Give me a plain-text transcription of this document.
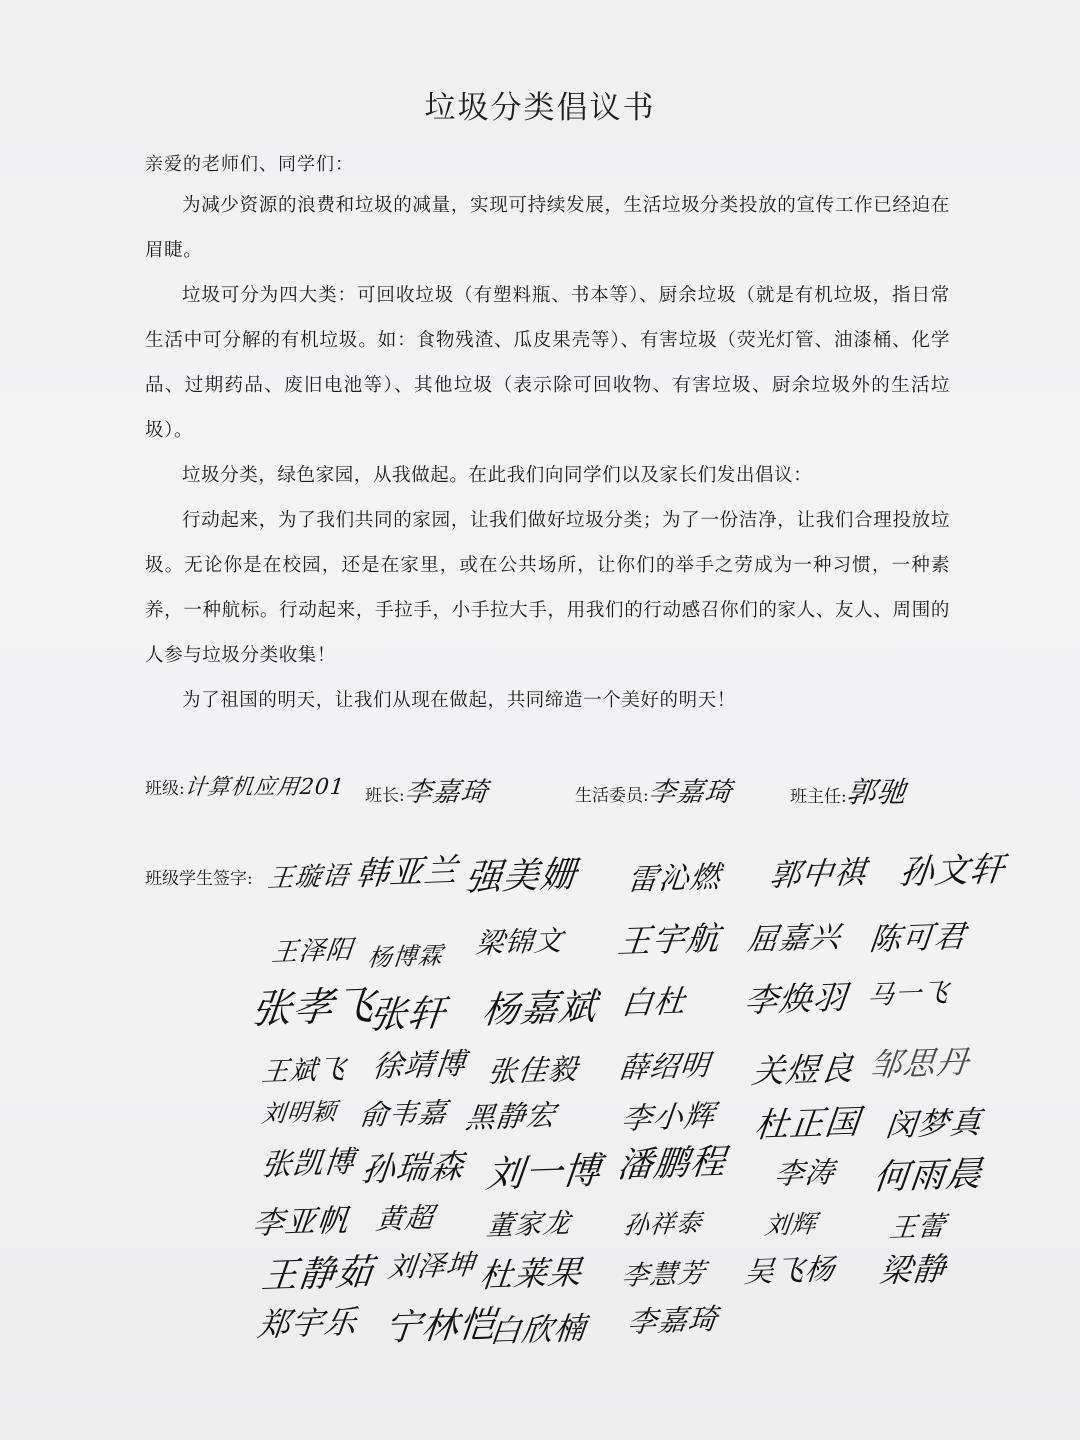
垃圾分类倡议书
亲爱的老师们、同学们：

为减少资源的浪费和垃圾的减量，实现可持续发展，生活垃圾分类投放的宣传工作已经迫在眉睫。

垃圾可分为四大类：可回收垃圾（有塑料瓶、书本等）、厨余垃圾（就是有机垃圾，指日常生活中可分解的有机垃圾。如：食物残渣、瓜皮果壳等）、有害垃圾（荧光灯管、油漆桶、化学品、过期药品、废旧电池等）、其他垃圾（表示除可回收物、有害垃圾、厨余垃圾外的生活垃圾）。

垃圾分类，绿色家园，从我做起。在此我们向同学们以及家长们发出倡议：

行动起来，为了我们共同的家园，让我们做好垃圾分类；为了一份洁净，让我们合理投放垃圾。无论你是在校园，还是在家里，或在公共场所，让你们的举手之劳成为一种习惯，一种素养，一种航标。行动起来，手拉手，小手拉大手，用我们的行动感召你们的家人、友人、周围的人参与垃圾分类收集！

为了祖国的明天，让我们从现在做起，共同缔造一个美好的明天！

班级:
计算机应用201 班长:
李嘉琦	生活委员:
李嘉琦	班主任:
郭驰
班级学生签字: 王璇语 韩亚兰 强美姗 雷沁燃 郭中祺 孙文轩
王泽阳 杨博霖 梁锦文 王宇航 屈嘉兴 陈可君
张孝飞
张轩 杨嘉斌 白杜 李焕羽 马一飞
王斌飞 徐靖博 张佳毅 薛绍明 关煜良 邹思丹
刘明颖 俞韦嘉 黑静宏 李小辉 杜正国 闵梦真
张凯博 孙瑞森 刘一博 潘鹏程 李涛 何雨晨
李亚帆 黄超 董家龙 孙祥泰 刘辉	王蕾
王静茹 刘泽坤 杜莱果 李慧芳 吴飞杨 梁静
郑宇乐 宁林恺
白欣楠 李嘉琦
